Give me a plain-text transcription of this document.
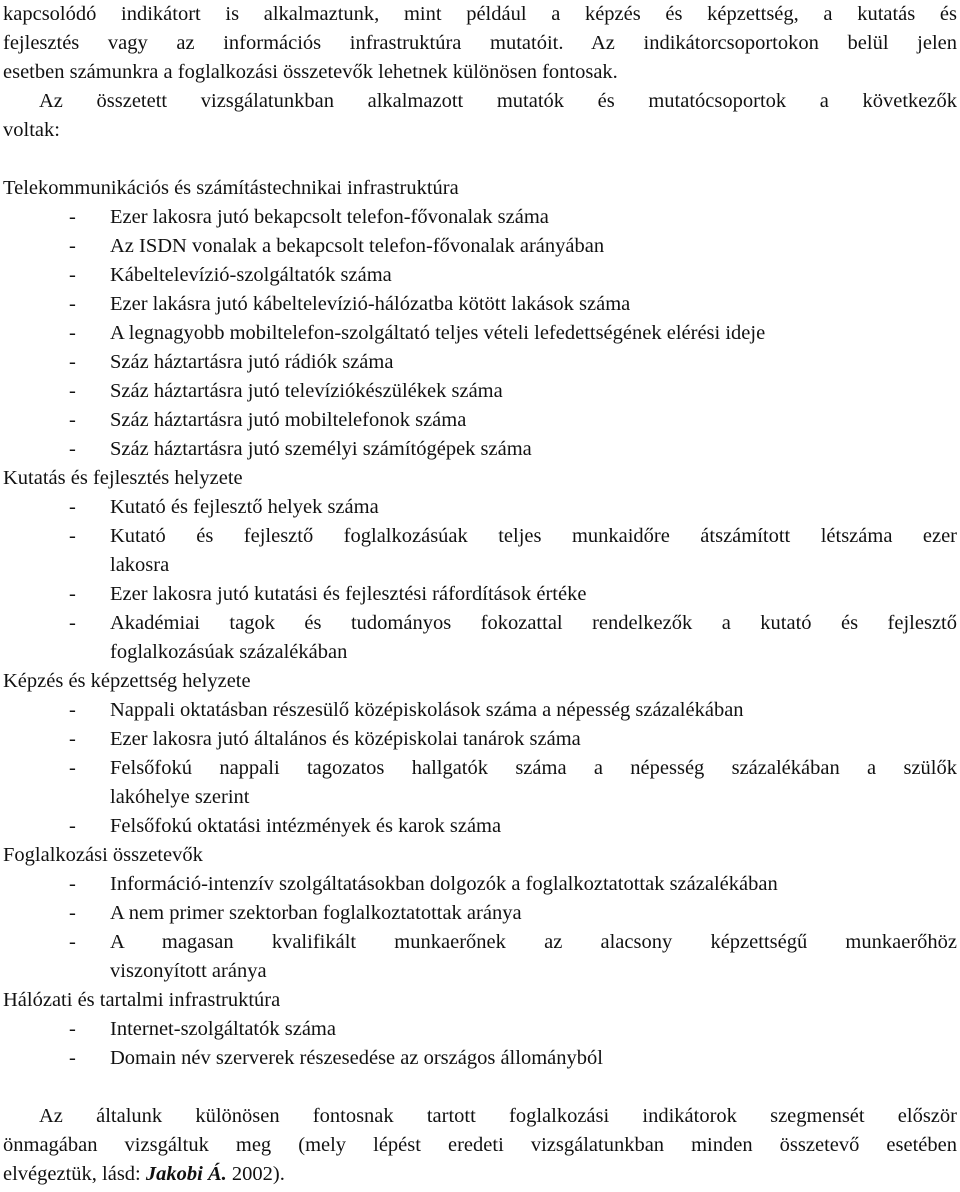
kapcsolódó indikátort is alkalmaztunk, mint például a képzés és képzettség, a kutatás és
fejlesztés vagy az információs infrastruktúra mutatóit. Az indikátorcsoportokon belül jelen
esetben számunkra a foglalkozási összetevők lehetnek különösen fontosak.
Az összetett vizsgálatunkban alkalmazott mutatók és mutatócsoportok a következők
voltak:
Telekommunikációs és számítástechnikai infrastruktúra
-	Ezer lakosra jutó bekapcsolt telefon-fővonalak száma
-	Az ISDN vonalak a bekapcsolt telefon-fővonalak arányában
-	Kábeltelevízió-szolgáltatók száma
-	Ezer lakásra jutó kábeltelevízió-hálózatba kötött lakások száma
-	A legnagyobb mobiltelefon-szolgáltató teljes vételi lefedettségének elérési ideje
-	Száz háztartásra jutó rádiók száma
-	Száz háztartásra jutó televíziókészülékek száma
-	Száz háztartásra jutó mobiltelefonok száma
-	Száz háztartásra jutó személyi számítógépek száma
Kutatás és fejlesztés helyzete
-	Kutató és fejlesztő helyek száma
-	Kutató és fejlesztő foglalkozásúak teljes munkaidőre átszámított létszáma ezer
lakosra
-	Ezer lakosra jutó kutatási és fejlesztési ráfordítások értéke
-	Akadémiai tagok és tudományos fokozattal rendelkezők a kutató és fejlesztő
foglalkozásúak százalékában
Képzés és képzettség helyzete
-	Nappali oktatásban részesülő középiskolások száma a népesség százalékában
-	Ezer lakosra jutó általános és középiskolai tanárok száma
-	Felsőfokú nappali tagozatos hallgatók száma a népesség százalékában a szülők
lakóhelye szerint
-	Felsőfokú oktatási intézmények és karok száma
Foglalkozási összetevők
-	Információ-intenzív szolgáltatásokban dolgozók a foglalkoztatottak százalékában
-	A nem primer szektorban foglalkoztatottak aránya
-	A magasan kvalifikált munkaerőnek az alacsony képzettségű munkaerőhöz
viszonyított aránya
Hálózati és tartalmi infrastruktúra
-	Internet-szolgáltatók száma
-	Domain név szerverek részesedése az országos állományból
Az általunk különösen fontosnak tartott foglalkozási indikátorok szegmensét először
önmagában vizsgáltuk meg (mely lépést eredeti vizsgálatunkban minden összetevő esetében
elvégeztük, lásd: Jakobi Á. 2002).
